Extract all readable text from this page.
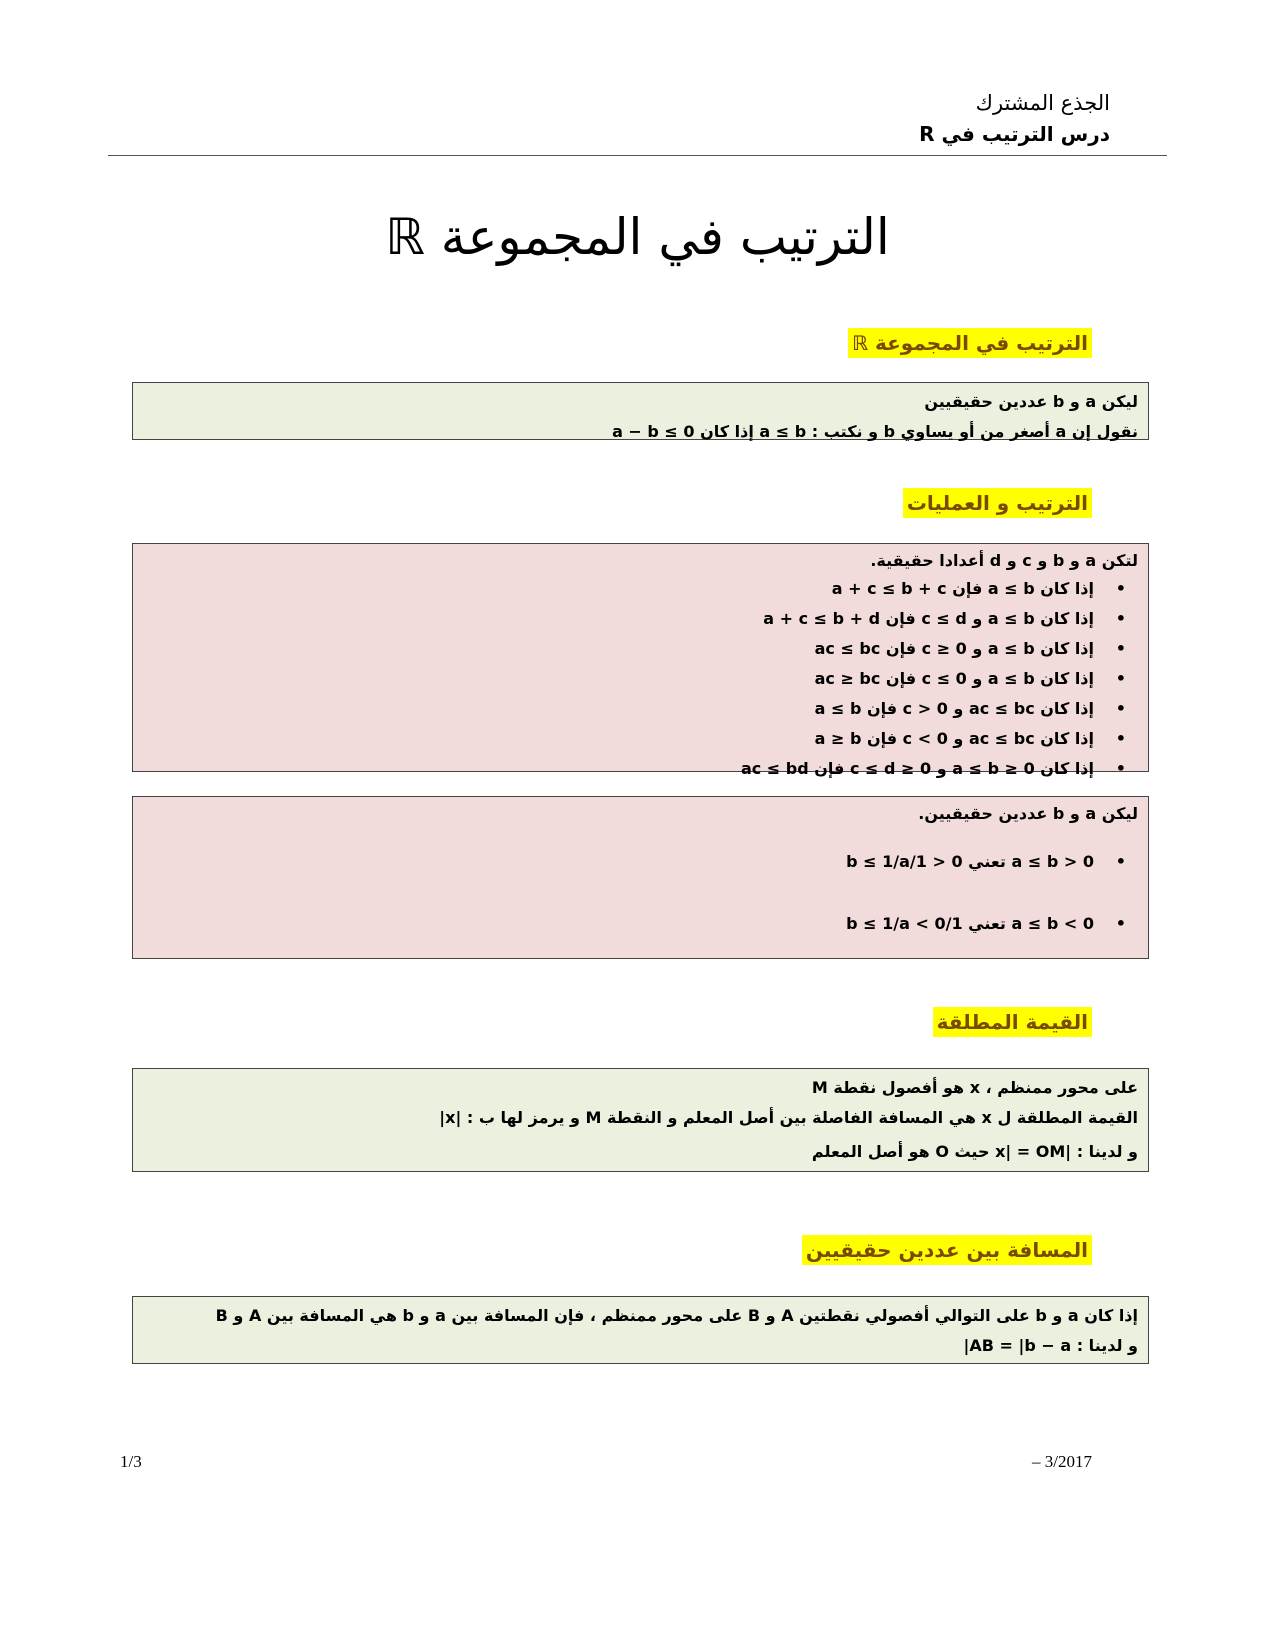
الجذع المشترك
درس الترتيب في R
الترتيب في المجموعة ℝ
الترتيب في المجموعة ℝ
ليكن a و b عددين حقيقيين
نقول إن a أصغر من أو يساوي b و نكتب : a ≤ b إذا كان a − b ≤ 0
الترتيب و العمليات
لتكن a و b و c و d أعدادا حقيقية.
• إذا كان a ≤ b فإن a + c ≤ b + c
• إذا كان a ≤ b و c ≤ d فإن a + c ≤ b + d
• إذا كان a ≤ b و c ≥ 0 فإن ac ≤ bc
• إذا كان a ≤ b و c ≤ 0 فإن ac ≥ bc
• إذا كان ac ≤ bc و c > 0 فإن a ≤ b
• إذا كان ac ≤ bc و c < 0 فإن a ≥ b
• إذا كان 0 ≤ a ≤ b و 0 ≤ c ≤ d فإن ac ≤ bd
ليكن a و b عددين حقيقيين.
• 0 < a ≤ b تعني 0 < 1/b ≤ 1/a
• a ≤ b < 0 تعني 1/b ≤ 1/a < 0
القيمة المطلقة
على محور ممنظم ، x هو أفصول نقطة M
القيمة المطلقة ل x هي المسافة الفاصلة بين أصل المعلم و النقطة M و يرمز لها ب : |x|
و لدينا : |x| = OM حيث O هو أصل المعلم
المسافة بين عددين حقيقيين
إذا كان a و b على التوالي أفصولي نقطتين A و B على محور ممنظم ، فإن المسافة بين a و b هي المسافة بين A و B
و لدينا : AB = |b − a|
1/3	– 3/2017
